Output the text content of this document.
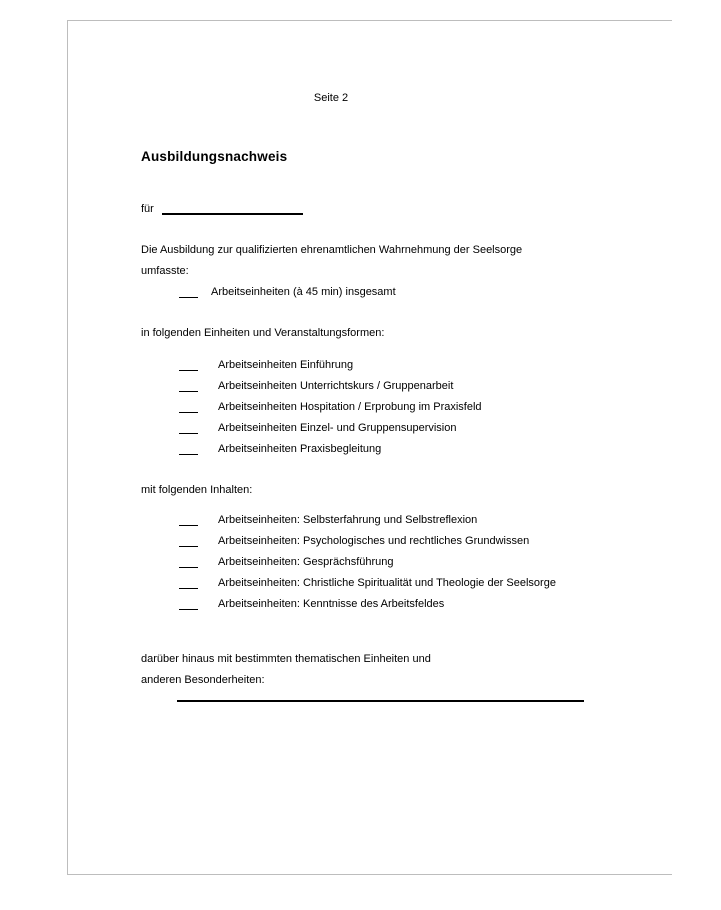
Seite 2
Ausbildungsnachweis
für
Die Ausbildung zur qualifizierten ehrenamtlichen Wahrnehmung der Seelsorge
umfasste:
Arbeitseinheiten (à 45 min) insgesamt
in folgenden Einheiten und Veranstaltungsformen:
Arbeitseinheiten Einführung
Arbeitseinheiten Unterrichtskurs / Gruppenarbeit
Arbeitseinheiten Hospitation / Erprobung im Praxisfeld
Arbeitseinheiten Einzel- und Gruppensupervision
Arbeitseinheiten Praxisbegleitung
mit folgenden Inhalten:
Arbeitseinheiten: Selbsterfahrung und Selbstreflexion
Arbeitseinheiten: Psychologisches und rechtliches Grundwissen
Arbeitseinheiten: Gesprächsführung
Arbeitseinheiten: Christliche Spiritualität und Theologie der Seelsorge
Arbeitseinheiten: Kenntnisse des Arbeitsfeldes
darüber hinaus mit bestimmten thematischen Einheiten und
anderen Besonderheiten:
